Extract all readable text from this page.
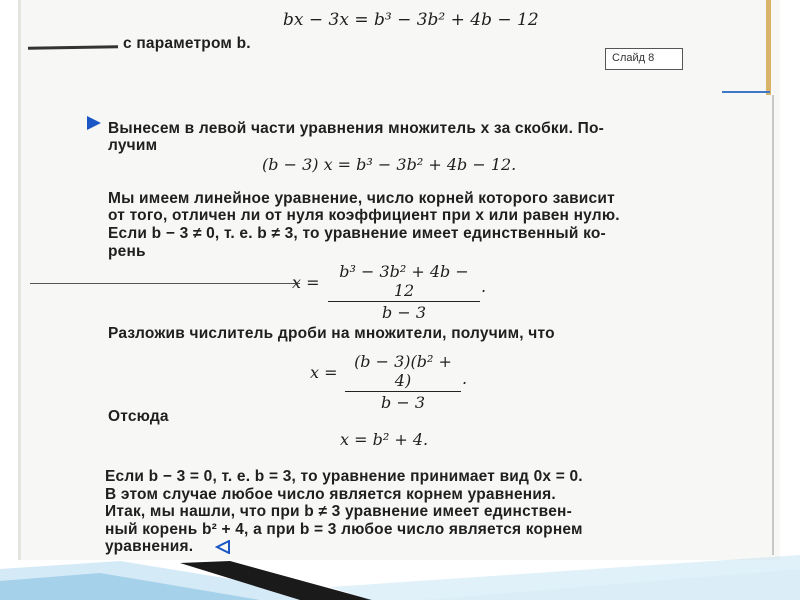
Слайд 8
bx − 3x = b³ − 3b² + 4b − 12
с параметром b.
Вынесем в левой части уравнения множитель x за скобки. По-
лучим
(b − 3) x = b³ − 3b² + 4b − 12.
Мы имеем линейное уравнение, число корней которого зависит
от того, отличен ли от нуля коэффициент при x или равен нулю.
Если b − 3 ≠ 0, т. е. b ≠ 3, то уравнение имеет единственный ко-
рень
x =
b³ − 3b² + 4b − 12
b − 3
.
Разложив числитель дроби на множители, получим, что
x =
(b − 3)(b² + 4)
b − 3
.
Отсюда
x = b² + 4.
Если b − 3 = 0, т. е. b = 3, то уравнение принимает вид 0x = 0.
В этом случае любое число является корнем уравнения.
Итак, мы нашли, что при b ≠ 3 уравнение имеет единствен-
ный корень b² + 4, а при b = 3 любое число является корнем
уравнения.
